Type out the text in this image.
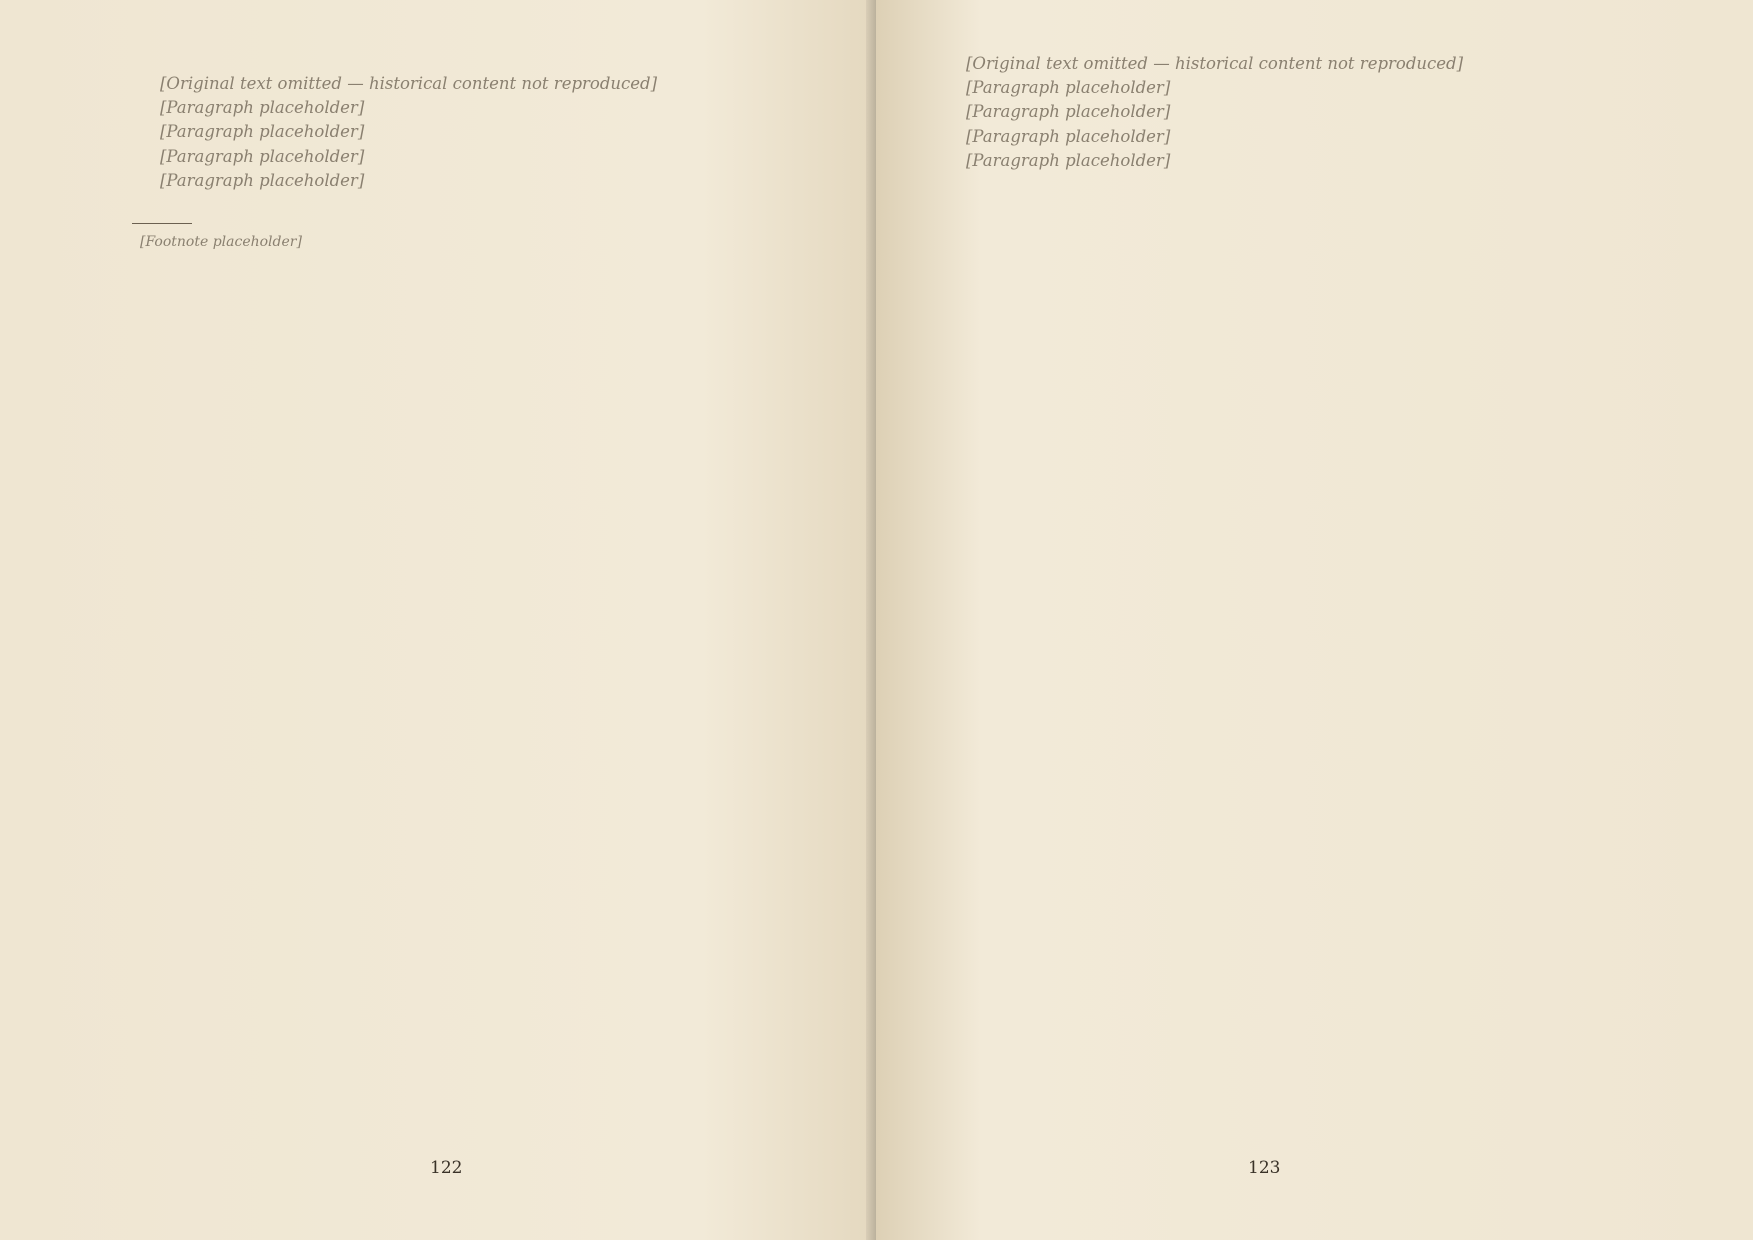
[Original text omitted — historical content not reproduced]

[Paragraph placeholder]

[Paragraph placeholder]

[Paragraph placeholder]

[Paragraph placeholder]

[Footnote placeholder]

122

[Original text omitted — historical content not reproduced]

[Paragraph placeholder]

[Paragraph placeholder]

[Paragraph placeholder]

[Paragraph placeholder]

123
